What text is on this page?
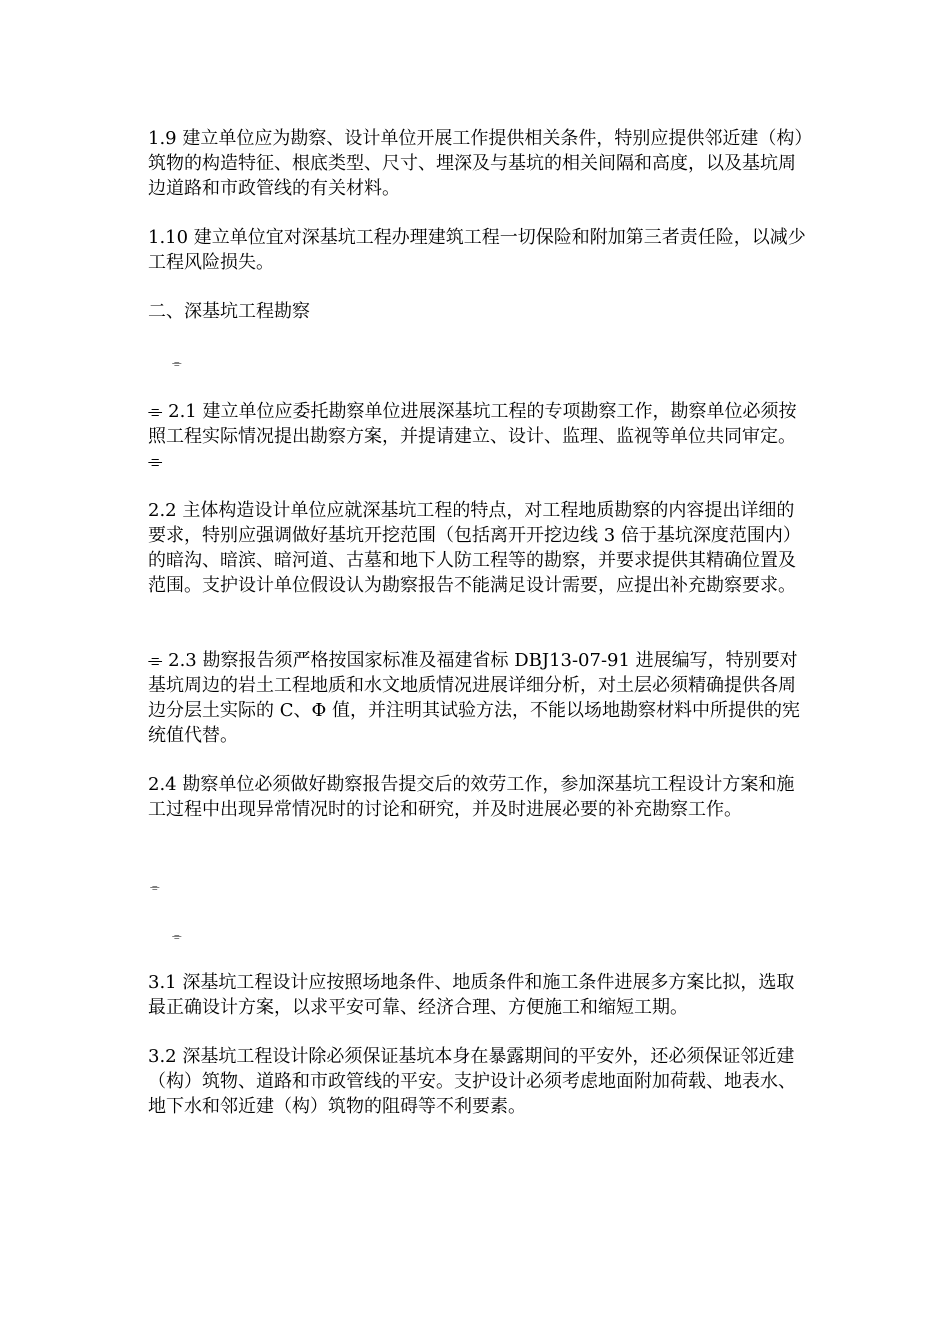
1.9 建立单位应为勘察、设计单位开展工作提供相关条件，特别应提供邻近建（构）筑物的构造特征、根底类型、尺寸、埋深及与基坑的相关间隔和高度，以及基坑周边道路和市政管线的有关材料。

1.10 建立单位宜对深基坑工程办理建筑工程一切保险和附加第三者责任险，以减少工程风险损失。

二、深基坑工程勘察

⌯

⌯ 2.1 建立单位应委托勘察单位进展深基坑工程的专项勘察工作，勘察单位必须按照工程实际情况提出勘察方案，并提请建立、设计、监理、监视等单位共同审定。⌯

2.2 主体构造设计单位应就深基坑工程的特点，对工程地质勘察的内容提出详细的要求，特别应强调做好基坑开挖范围（包括离开开挖边线 3 倍于基坑深度范围内）的暗沟、暗滨、暗河道、古墓和地下人防工程等的勘察，并要求提供其精确位置及范围。支护设计单位假设认为勘察报告不能满足设计需要，应提出补充勘察要求。

⌯ 2.3 勘察报告须严格按国家标准及福建省标 DBJ13-07-91 进展编写，特别要对基坑周边的岩土工程地质和水文地质情况进展详细分析，对土层必须精确提供各周边分层土实际的 C、Φ 值，并注明其试验方法，不能以场地勘察材料中所提供的宪统值代替。

2.4 勘察单位必须做好勘察报告提交后的效劳工作，参加深基坑工程设计方案和施工过程中出现异常情况时的讨论和研究，并及时进展必要的补充勘察工作。

⌯
⌯

3.1 深基坑工程设计应按照场地条件、地质条件和施工条件进展多方案比拟，选取最正确设计方案，以求平安可靠、经济合理、方便施工和缩短工期。

3.2 深基坑工程设计除必须保证基坑本身在暴露期间的平安外，还必须保证邻近建（构）筑物、道路和市政管线的平安。支护设计必须考虑地面附加荷载、地表水、地下水和邻近建（构）筑物的阻碍等不利要素。
